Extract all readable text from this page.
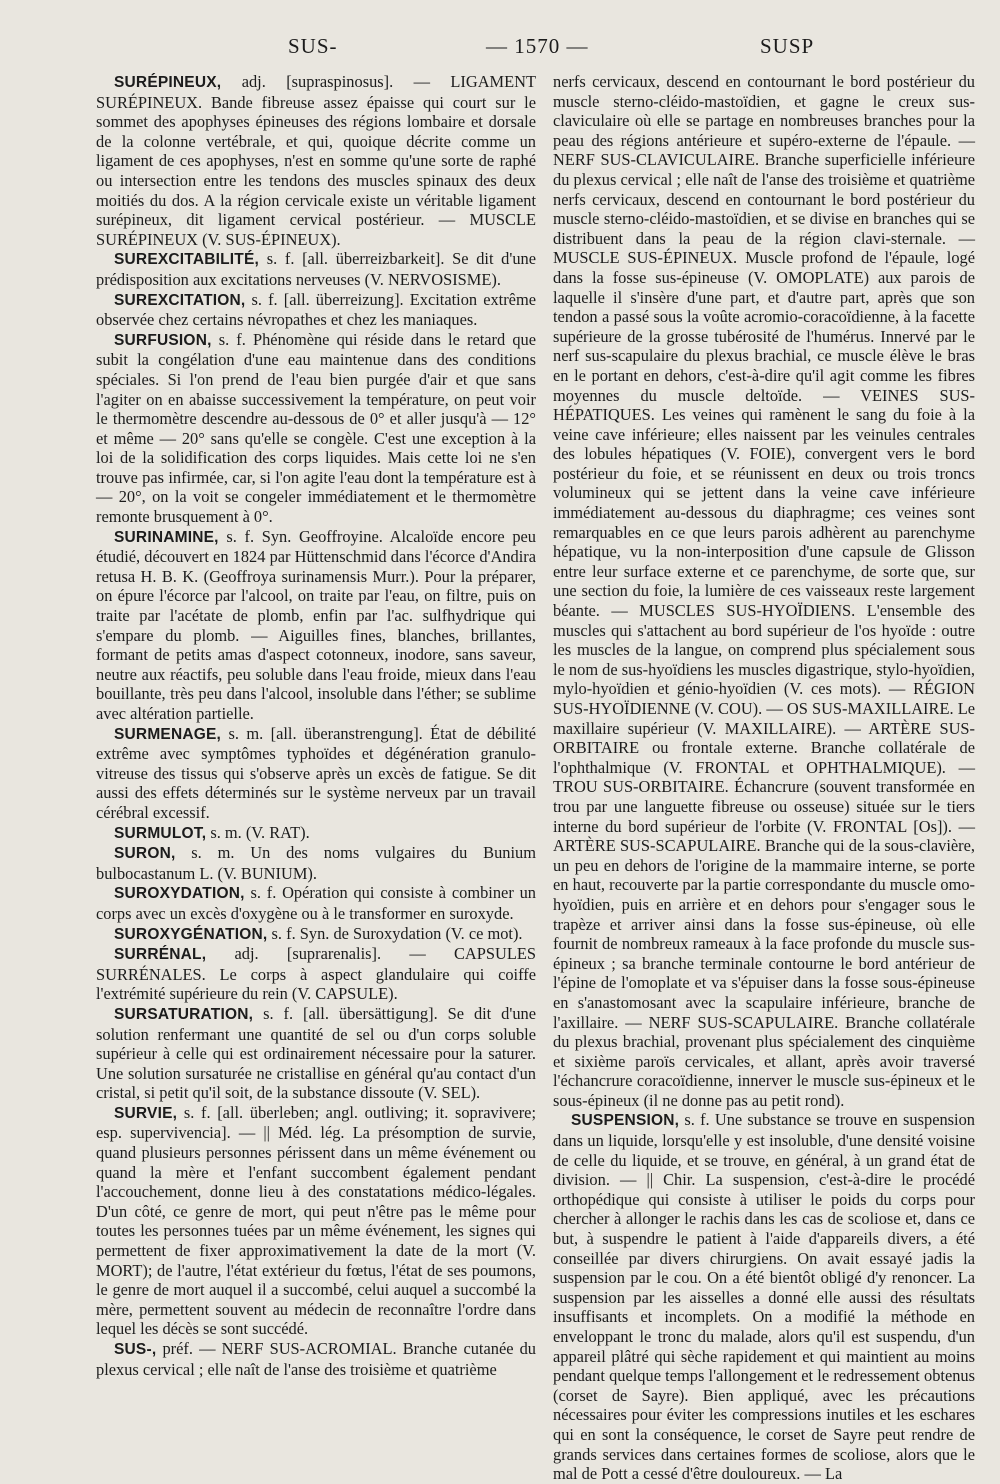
SUS-	— 1570 —	SUSP

SURÉPINEUX, adj. [supraspinosus]. — LIGAMENT SURÉPINEUX. Bande fibreuse assez épaisse qui court sur le sommet des apophyses épineuses des régions lombaire et dorsale de la colonne vertébrale, et qui, quoique décrite comme un ligament de ces apophyses, n'est en somme qu'une sorte de raphé ou intersection entre les tendons des muscles spinaux des deux moitiés du dos. A la région cervicale existe un véritable ligament surépineux, dit ligament cervical postérieur. — MUSCLE SURÉPINEUX (V. SUS-ÉPINEUX).

SUREXCITABILITÉ, s. f. [all. überreizbarkeit]. Se dit d'une prédisposition aux excitations nerveuses (V. NERVOSISME).

SUREXCITATION, s. f. [all. überreizung]. Excitation extrême observée chez certains névropathes et chez les maniaques.

SURFUSION, s. f. Phénomène qui réside dans le retard que subit la congélation d'une eau maintenue dans des conditions spéciales. Si l'on prend de l'eau bien purgée d'air et que sans l'agiter on en abaisse successivement la température, on peut voir le thermomètre descendre au-dessous de 0° et aller jusqu'à — 12° et même — 20° sans qu'elle se congèle. C'est une exception à la loi de la solidification des corps liquides. Mais cette loi ne s'en trouve pas infirmée, car, si l'on agite l'eau dont la température est à — 20°, on la voit se congeler immédiatement et le thermomètre remonte brusquement à 0°.

SURINAMINE, s. f. Syn. Geoffroyine. Alcaloïde encore peu étudié, découvert en 1824 par Hüttenschmid dans l'écorce d'Andira retusa H. B. K. (Geoffroya surinamensis Murr.). Pour la préparer, on épure l'écorce par l'alcool, on traite par l'eau, on filtre, puis on traite par l'acétate de plomb, enfin par l'ac. sulfhydrique qui s'empare du plomb. — Aiguilles fines, blanches, brillantes, formant de petits amas d'aspect cotonneux, inodore, sans saveur, neutre aux réactifs, peu soluble dans l'eau froide, mieux dans l'eau bouillante, très peu dans l'alcool, insoluble dans l'éther; se sublime avec altération partielle.

SURMENAGE, s. m. [all. überanstrengung]. État de débilité extrême avec symptômes typhoïdes et dégénération granulo-vitreuse des tissus qui s'observe après un excès de fatigue. Se dit aussi des effets déterminés sur le système nerveux par un travail cérébral excessif.

SURMULOT, s. m. (V. RAT).

SURON, s. m. Un des noms vulgaires du Bunium bulbocastanum L. (V. BUNIUM).

SUROXYDATION, s. f. Opération qui consiste à combiner un corps avec un excès d'oxygène ou à le transformer en suroxyde.

SUROXYGÉNATION, s. f. Syn. de Suroxydation (V. ce mot).

SURRÉNAL, adj. [suprarenalis]. — CAPSULES SURRÉNALES. Le corps à aspect glandulaire qui coiffe l'extrémité supérieure du rein (V. CAPSULE).

SURSATURATION, s. f. [all. übersättigung]. Se dit d'une solution renfermant une quantité de sel ou d'un corps soluble supérieur à celle qui est ordinairement nécessaire pour la saturer. Une solution sursaturée ne cristallise en général qu'au contact d'un cristal, si petit qu'il soit, de la substance dissoute (V. SEL).

SURVIE, s. f. [all. überleben; angl. outliving; it. sopravivere; esp. supervivencia]. — || Méd. lég. La présomption de survie, quand plusieurs personnes périssent dans un même événement ou quand la mère et l'enfant succombent également pendant l'accouchement, donne lieu à des constatations médico-légales. D'un côté, ce genre de mort, qui peut n'être pas le même pour toutes les personnes tuées par un même événement, les signes qui permettent de fixer approximativement la date de la mort (V. MORT); de l'autre, l'état extérieur du fœtus, l'état de ses poumons, le genre de mort auquel il a succombé, celui auquel a succombé la mère, permettent souvent au médecin de reconnaître l'ordre dans lequel les décès se sont succédé.

SUS-, préf. — NERF SUS-ACROMIAL. Branche cutanée du plexus cervical ; elle naît de l'anse des troisième et quatrième

nerfs cervicaux, descend en contournant le bord postérieur du muscle sterno-cléido-mastoïdien, et gagne le creux sus-claviculaire où elle se partage en nombreuses branches pour la peau des régions antérieure et supéro-externe de l'épaule. — NERF SUS-CLAVICULAIRE. Branche superficielle inférieure du plexus cervical ; elle naît de l'anse des troisième et quatrième nerfs cervicaux, descend en contournant le bord postérieur du muscle sterno-cléido-mastoïdien, et se divise en branches qui se distribuent dans la peau de la région clavi-sternale. — MUSCLE SUS-ÉPINEUX. Muscle profond de l'épaule, logé dans la fosse sus-épineuse (V. OMOPLATE) aux parois de laquelle il s'insère d'une part, et d'autre part, après que son tendon a passé sous la voûte acromio-coracoïdienne, à la facette supérieure de la grosse tubérosité de l'humérus. Innervé par le nerf sus-scapulaire du plexus brachial, ce muscle élève le bras en le portant en dehors, c'est-à-dire qu'il agit comme les fibres moyennes du muscle deltoïde. — VEINES SUS-HÉPATIQUES. Les veines qui ramènent le sang du foie à la veine cave inférieure; elles naissent par les veinules centrales des lobules hépatiques (V. FOIE), convergent vers le bord postérieur du foie, et se réunissent en deux ou trois troncs volumineux qui se jettent dans la veine cave inférieure immédiatement au-dessous du diaphragme; ces veines sont remarquables en ce que leurs parois adhèrent au parenchyme hépatique, vu la non-interposition d'une capsule de Glisson entre leur surface externe et ce parenchyme, de sorte que, sur une section du foie, la lumière de ces vaisseaux reste largement béante. — MUSCLES SUS-HYOÏDIENS. L'ensemble des muscles qui s'attachent au bord supérieur de l'os hyoïde : outre les muscles de la langue, on comprend plus spécialement sous le nom de sus-hyoïdiens les muscles digastrique, stylo-hyoïdien, mylo-hyoïdien et génio-hyoïdien (V. ces mots). — RÉGION SUS-HYOÏDIENNE (V. COU). — OS SUS-MAXILLAIRE. Le maxillaire supérieur (V. MAXILLAIRE). — ARTÈRE SUS-ORBITAIRE ou frontale externe. Branche collatérale de l'ophthalmique (V. FRONTAL et OPHTHALMIQUE). — TROU SUS-ORBITAIRE. Échancrure (souvent transformée en trou par une languette fibreuse ou osseuse) située sur le tiers interne du bord supérieur de l'orbite (V. FRONTAL [Os]). — ARTÈRE SUS-SCAPULAIRE. Branche qui de la sous-clavière, un peu en dehors de l'origine de la mammaire interne, se porte en haut, recouverte par la partie correspondante du muscle omo-hyoïdien, puis en arrière et en dehors pour s'engager sous le trapèze et arriver ainsi dans la fosse sus-épineuse, où elle fournit de nombreux rameaux à la face profonde du muscle sus-épineux ; sa branche terminale contourne le bord antérieur de l'épine de l'omoplate et va s'épuiser dans la fosse sous-épineuse en s'anastomosant avec la scapulaire inférieure, branche de l'axillaire. — NERF SUS-SCAPULAIRE. Branche collatérale du plexus brachial, provenant plus spécialement des cinquième et sixième paroïs cervicales, et allant, après avoir traversé l'échancrure coracoïdienne, innerver le muscle sus-épineux et le sous-épineux (il ne donne pas au petit rond).

SUSPENSION, s. f. Une substance se trouve en suspension dans un liquide, lorsqu'elle y est insoluble, d'une densité voisine de celle du liquide, et se trouve, en général, à un grand état de division. — || Chir. La suspension, c'est-à-dire le procédé orthopédique qui consiste à utiliser le poids du corps pour chercher à allonger le rachis dans les cas de scoliose et, dans ce but, à suspendre le patient à l'aide d'appareils divers, a été conseillée par divers chirurgiens. On avait essayé jadis la suspension par le cou. On a été bientôt obligé d'y renoncer. La suspension par les aisselles a donné elle aussi des résultats insuffisants et incomplets. On a modifié la méthode en enveloppant le tronc du malade, alors qu'il est suspendu, d'un appareil plâtré qui sèche rapidement et qui maintient au moins pendant quelque temps l'allongement et le redressement obtenus (corset de Sayre). Bien appliqué, avec les précautions nécessaires pour éviter les compressions inutiles et les eschares qui en sont la conséquence, le corset de Sayre peut rendre de grands services dans certaines formes de scoliose, alors que le mal de Pott a cessé d'être douloureux. — La
